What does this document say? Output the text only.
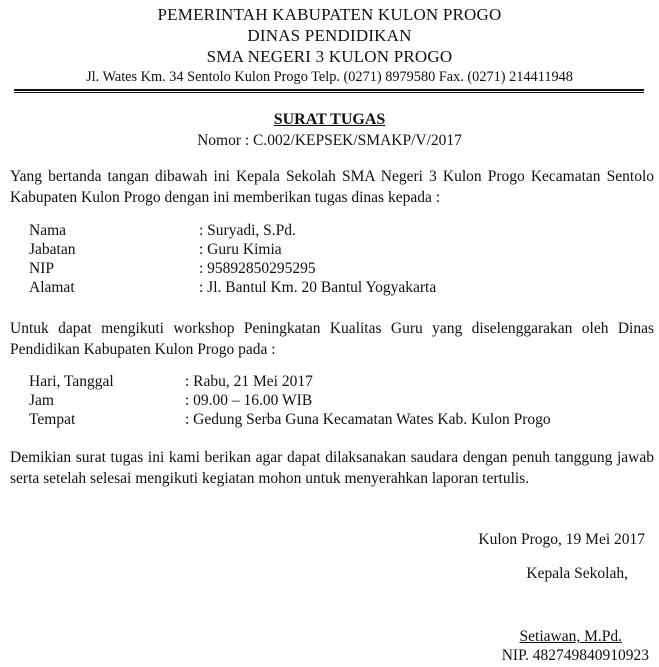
PEMERINTAH KABUPATEN KULON PROGO
DINAS PENDIDIKAN
SMA NEGERI 3 KULON PROGO
Jl. Wates Km. 34 Sentolo Kulon Progo Telp. (0271) 8979580 Fax. (0271) 214411948
SURAT TUGAS
Nomor : C.002/KEPSEK/SMAKP/V/2017
Yang bertanda tangan dibawah ini Kepala Sekolah SMA Negeri 3 Kulon Progo Kecamatan Sentolo Kabupaten Kulon Progo dengan ini memberikan tugas dinas kepada :
Nama	: Suryadi, S.Pd.
Jabatan	: Guru Kimia
NIP	: 95892850295295
Alamat	: Jl. Bantul Km. 20 Bantul Yogyakarta
Untuk dapat mengikuti workshop Peningkatan Kualitas Guru yang diselenggarakan oleh Dinas Pendidikan Kabupaten Kulon Progo pada :
Hari, Tanggal	: Rabu, 21 Mei 2017
Jam	: 09.00 – 16.00 WIB
Tempat	: Gedung Serba Guna Kecamatan Wates Kab. Kulon Progo
Demikian surat tugas ini kami berikan agar dapat dilaksanakan saudara dengan penuh tanggung jawab serta setelah selesai mengikuti kegiatan mohon untuk menyerahkan laporan tertulis.
Kulon Progo, 19 Mei 2017
Kepala Sekolah,
Setiawan, M.Pd.
NIP. 482749840910923
